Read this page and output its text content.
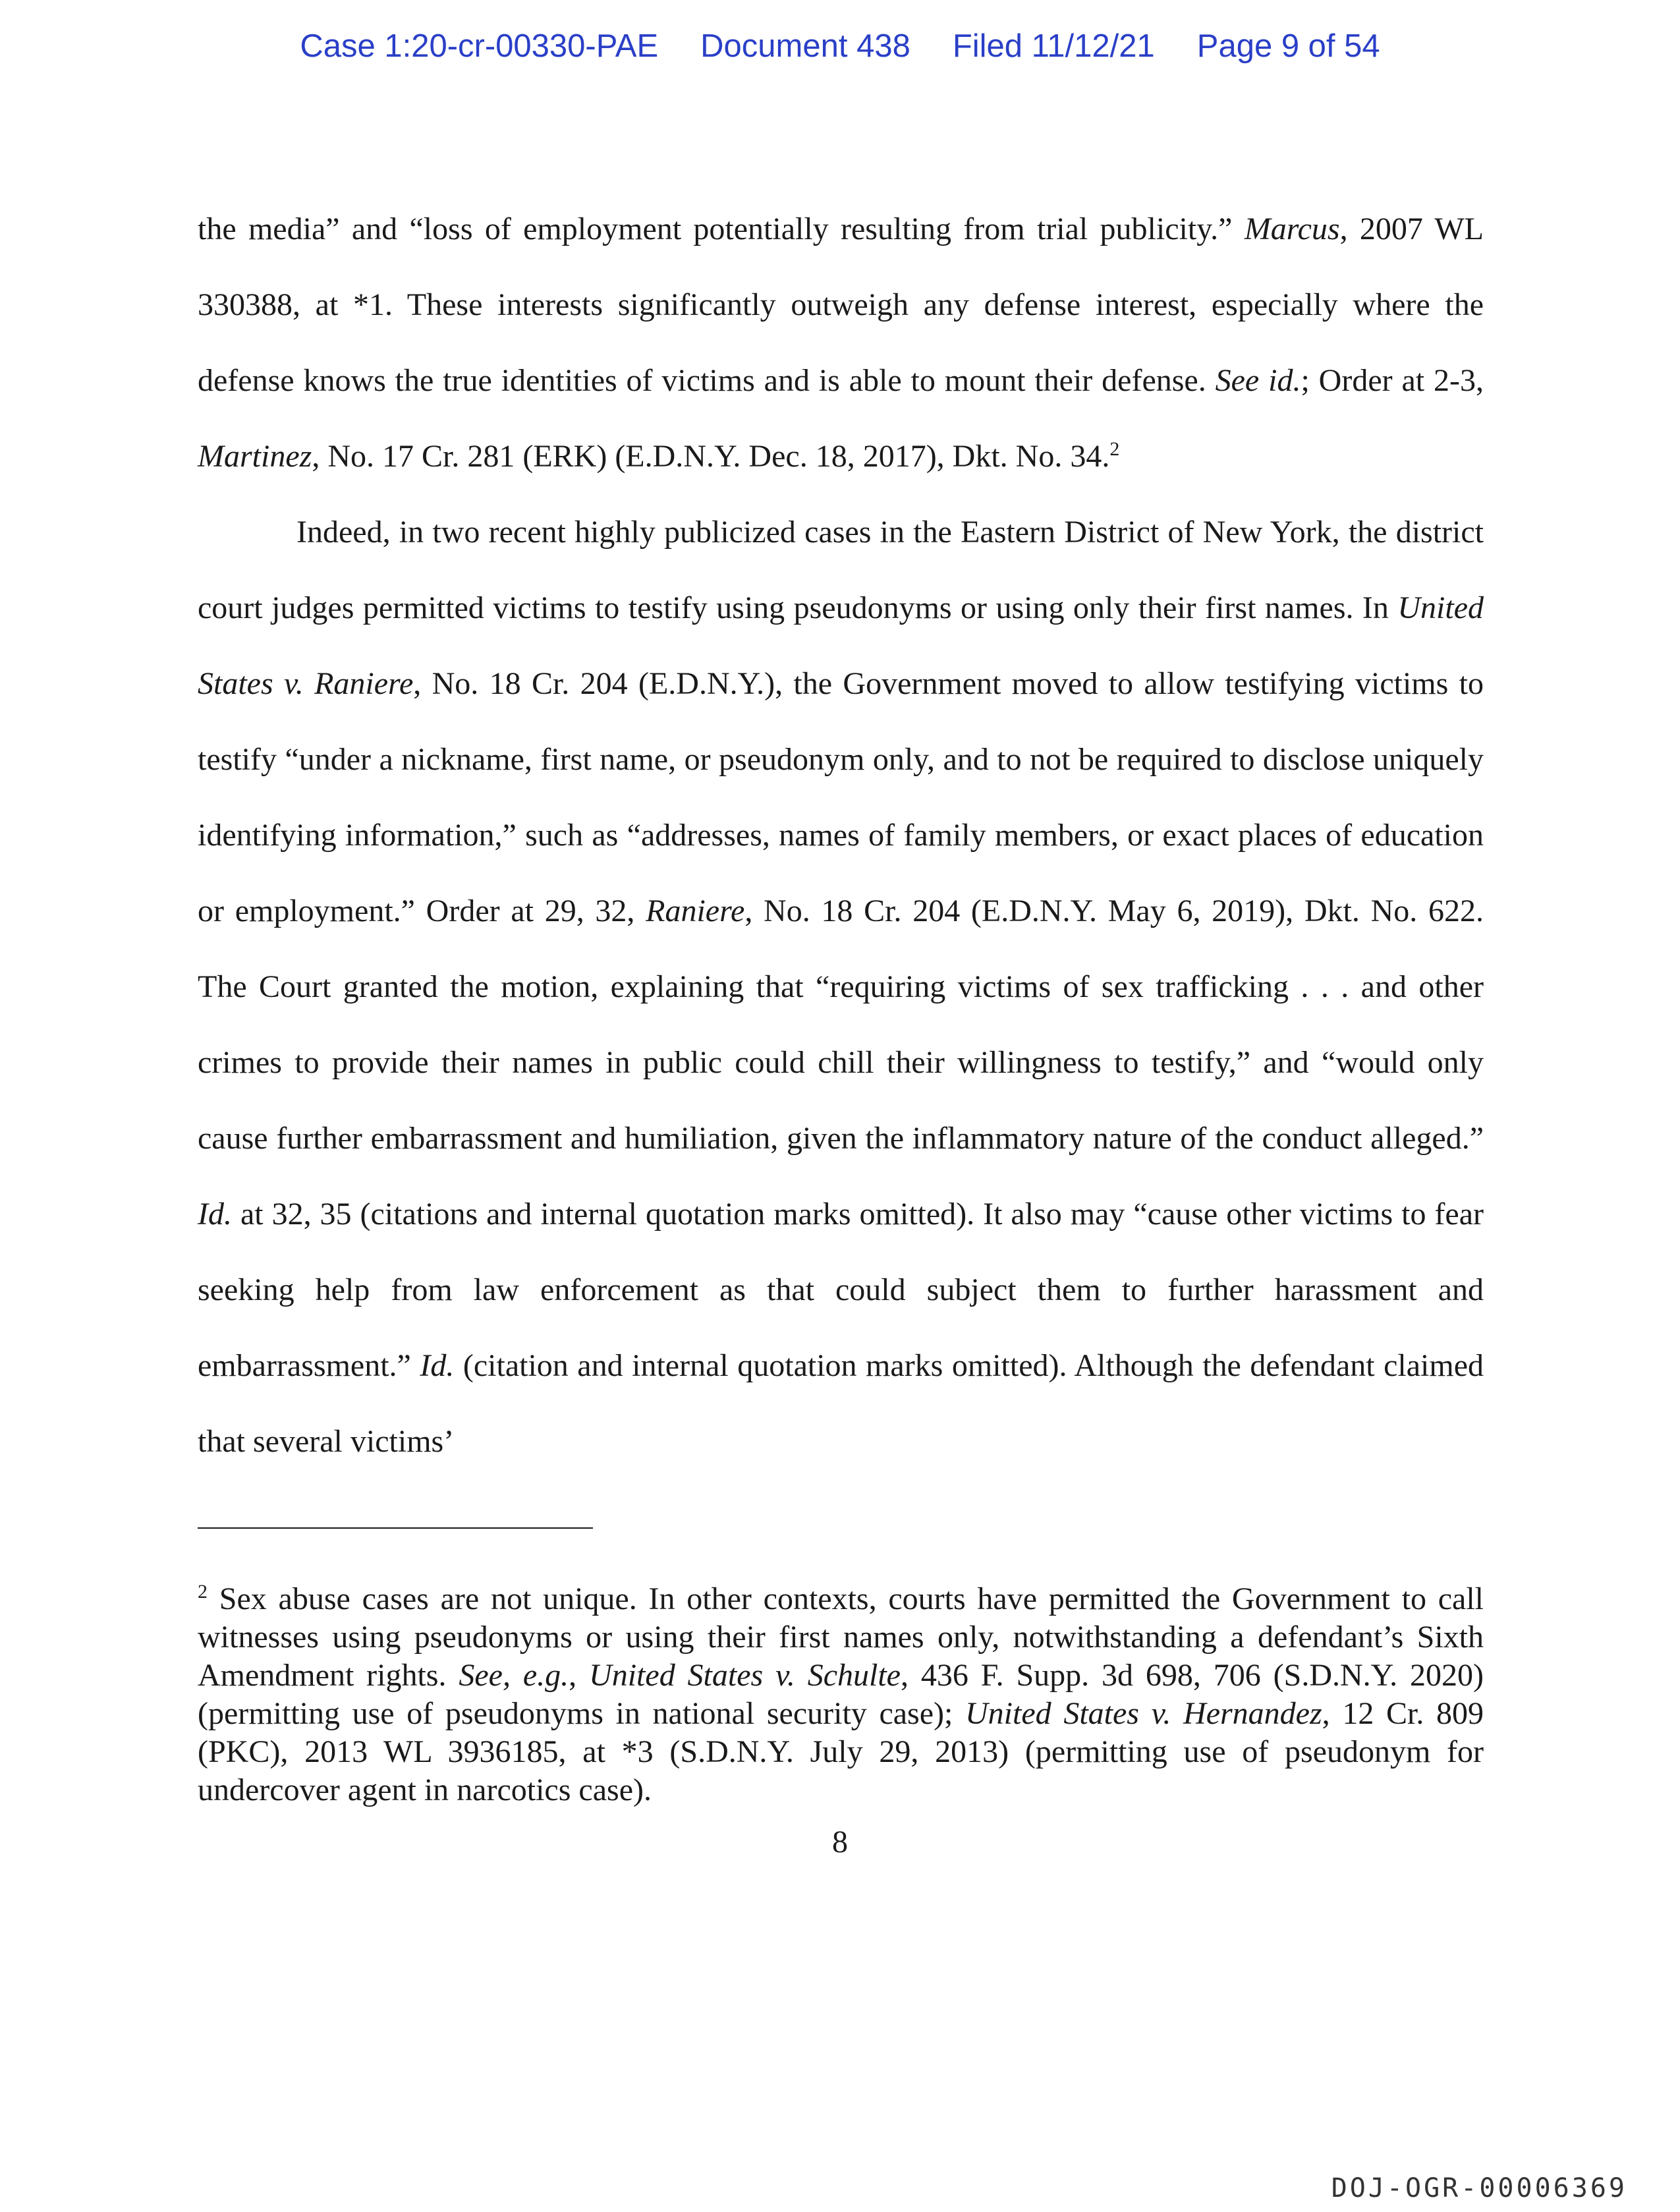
Case 1:20-cr-00330-PAE Document 438 Filed 11/12/21 Page 9 of 54

the media” and “loss of employment potentially resulting from trial publicity.” Marcus, 2007 WL 330388, at *1. These interests significantly outweigh any defense interest, especially where the defense knows the true identities of victims and is able to mount their defense. See id.; Order at 2-3, Martinez, No. 17 Cr. 281 (ERK) (E.D.N.Y. Dec. 18, 2017), Dkt. No. 34.$^2$

Indeed, in two recent highly publicized cases in the Eastern District of New York, the district court judges permitted victims to testify using pseudonyms or using only their first names. In United States v. Raniere, No. 18 Cr. 204 (E.D.N.Y.), the Government moved to allow testifying victims to testify “under a nickname, first name, or pseudonym only, and to not be required to disclose uniquely identifying information,” such as “addresses, names of family members, or exact places of education or employment.” Order at 29, 32, Raniere, No. 18 Cr. 204 (E.D.N.Y. May 6, 2019), Dkt. No. 622. The Court granted the motion, explaining that “requiring victims of sex trafficking . . . and other crimes to provide their names in public could chill their willingness to testify,” and “would only cause further embarrassment and humiliation, given the inflammatory nature of the conduct alleged.” Id. at 32, 35 (citations and internal quotation marks omitted). It also may “cause other victims to fear seeking help from law enforcement as that could subject them to further harassment and embarrassment.” Id. (citation and internal quotation marks omitted). Although the defendant claimed that several victims’

$^2$ Sex abuse cases are not unique. In other contexts, courts have permitted the Government to call witnesses using pseudonyms or using their first names only, notwithstanding a defendant’s Sixth Amendment rights. See, e.g., United States v. Schulte, 436 F. Supp. 3d 698, 706 (S.D.N.Y. 2020) (permitting use of pseudonyms in national security case); United States v. Hernandez, 12 Cr. 809 (PKC), 2013 WL 3936185, at *3 (S.D.N.Y. July 29, 2013) (permitting use of pseudonym for undercover agent in narcotics case).

8
DOJ-OGR-00006369
